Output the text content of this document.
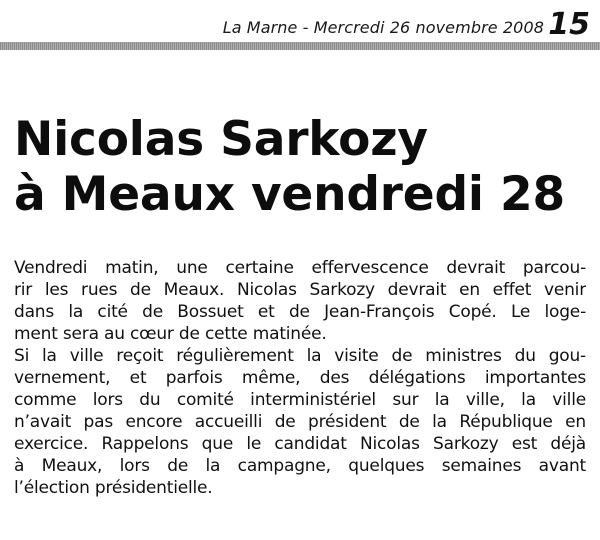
La Marne - Mercredi 26 novembre 2008 15
Nicolas Sarkozy
à Meaux vendredi 28
Vendredi matin, une certaine effervescence devrait parcou-
rir les rues de Meaux. Nicolas Sarkozy devrait en effet venir
dans la cité de Bossuet et de Jean-François Copé. Le loge-
ment sera au cœur de cette matinée.
Si la ville reçoit régulièrement la visite de ministres du gou-
vernement, et parfois même, des délégations importantes
comme lors du comité interministériel sur la ville, la ville
n’avait pas encore accueilli de président de la République en
exercice. Rappelons que le candidat Nicolas Sarkozy est déjà
à Meaux, lors de la campagne, quelques semaines avant
l’élection présidentielle.
